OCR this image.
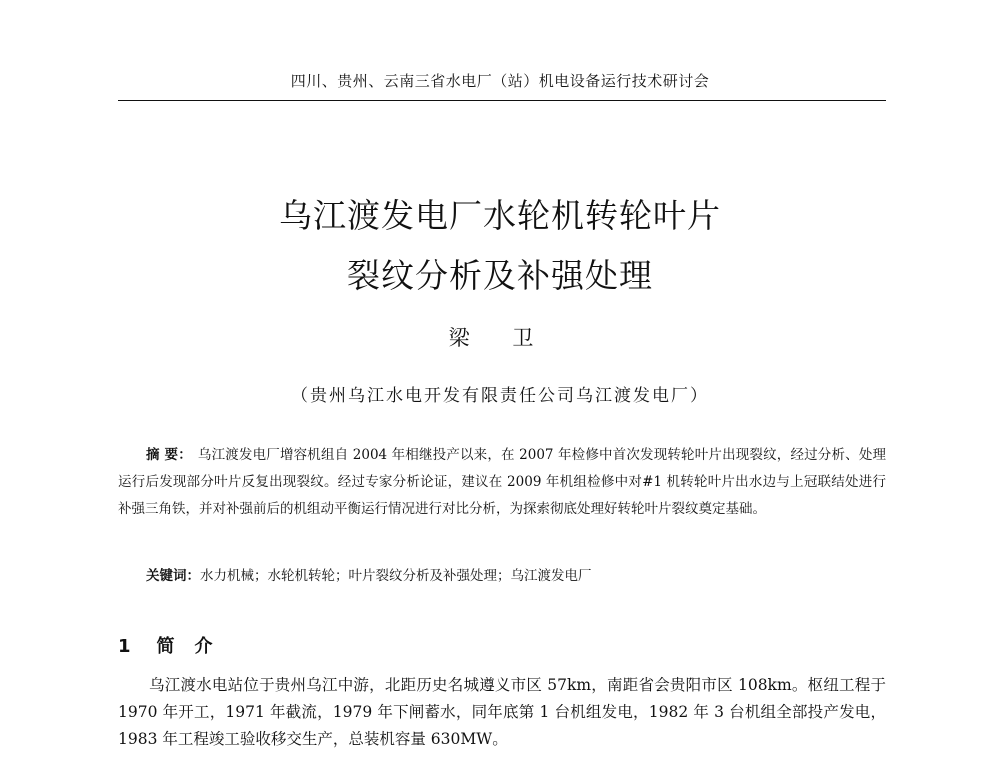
四川、贵州、云南三省水电厂（站）机电设备运行技术研讨会
乌江渡发电厂水轮机转轮叶片
裂纹分析及补强处理
梁 卫
（贵州乌江水电开发有限责任公司乌江渡发电厂）
摘 要： 乌江渡发电厂增容机组自 2004 年相继投产以来，在 2007 年检修中首次发现转轮叶片出现裂纹，经过分析、处理运行后发现部分叶片反复出现裂纹。经过专家分析论证，建议在 2009 年机组检修中对#1 机转轮叶片出水边与上冠联结处进行补强三角铁，并对补强前后的机组动平衡运行情况进行对比分析，为探索彻底处理好转轮叶片裂纹奠定基础。
关键词：水力机械；水轮机转轮；叶片裂纹分析及补强处理；乌江渡发电厂
1 简介
乌江渡水电站位于贵州乌江中游，北距历史名城遵义市区 57km，南距省会贵阳市区 108km。枢纽工程于 1970 年开工，1971 年截流，1979 年下闸蓄水，同年底第 1 台机组发电，1982 年 3 台机组全部投产发电，1983 年工程竣工验收移交生产，总装机容量 630MW。
